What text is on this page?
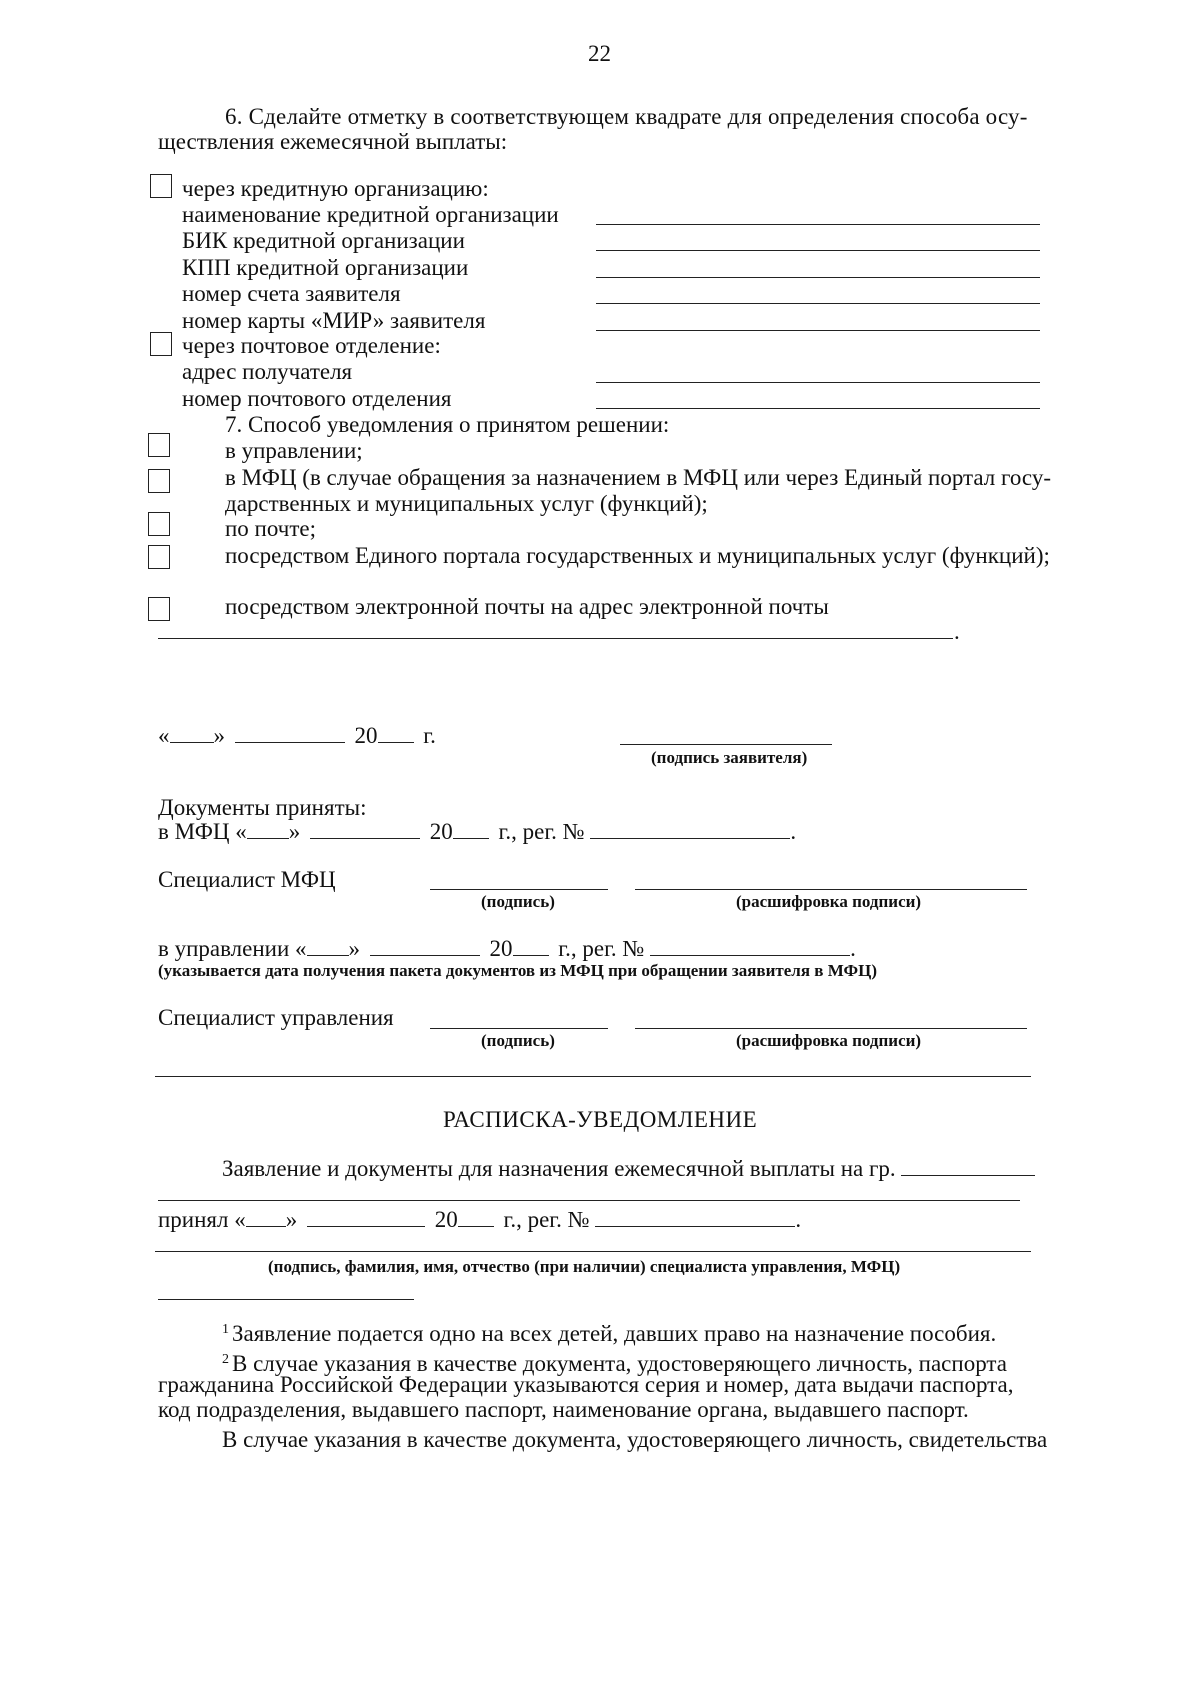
22
6. Сделайте отметку в соответствующем квадрате для определения способа осу-
ществления ежемесячной выплаты:
через кредитную организацию:
наименование кредитной организации
БИК кредитной организации
КПП кредитной организации
номер счета заявителя
номер карты «МИР» заявителя
через почтовое отделение:
адрес получателя
номер почтового отделения
7. Способ уведомления о принятом решении:
в управлении;
в МФЦ (в случае обращения за назначением в МФЦ или через Единый портал госу-
дарственных и муниципальных услуг (функций);
по почте;
посредством Единого портала государственных и муниципальных услуг (функций);
посредством электронной почты на адрес электронной почты
.
« »	20 г.
(подпись заявителя)
Документы приняты:
в МФЦ « »	20 г., рег. №	.
Специалист МФЦ
(подпись)	(расшифровка подписи)
в управлении « »	20 г., рег. №	.
(указывается дата получения пакета документов из МФЦ при обращении заявителя в МФЦ)
Специалист управления
(подпись)	(расшифровка подписи)
РАСПИСКА-УВЕДОМЛЕНИЕ
Заявление и документы для назначения ежемесячной выплаты на гр.
принял « »	20 г., рег. №	.
(подпись, фамилия, имя, отчество (при наличии) специалиста управления, МФЦ)
$^1$ Заявление подается одно на всех детей, давших право на назначение пособия.
$^2$ В случае указания в качестве документа, удостоверяющего личность, паспорта
гражданина Российской Федерации указываются серия и номер, дата выдачи паспорта,
код подразделения, выдавшего паспорт, наименование органа, выдавшего паспорт.
В случае указания в качестве документа, удостоверяющего личность, свидетельства
